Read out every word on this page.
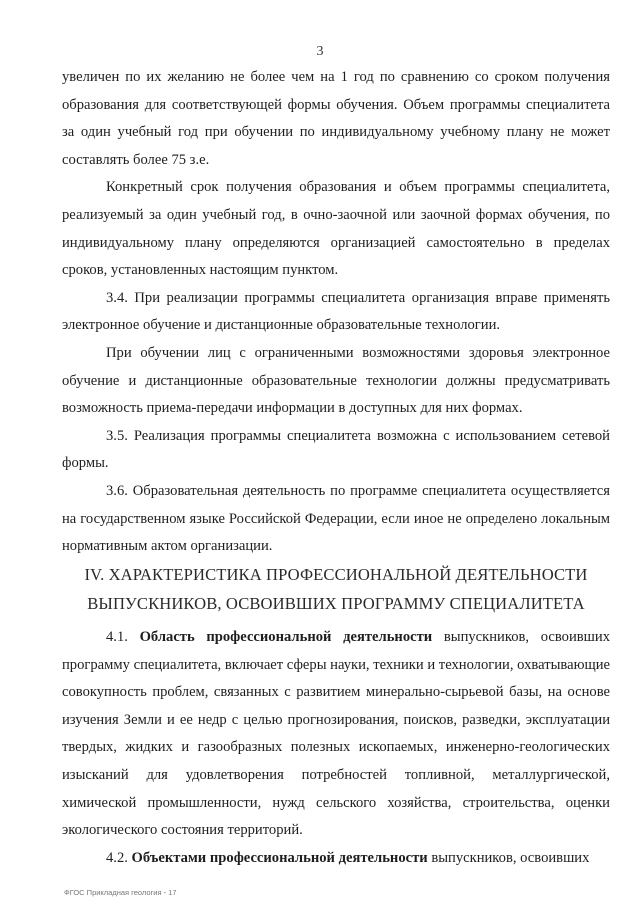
3

увеличен по их желанию не более чем на 1 год по сравнению со сроком получения образования для соответствующей формы обучения. Объем программы специалитета за один учебный год при обучении по индивидуальному учебному плану не может составлять более 75 з.е.

Конкретный срок получения образования и объем программы специалитета, реализуемый за один учебный год, в очно-заочной или заочной формах обучения, по индивидуальному плану определяются организацией самостоятельно в пределах сроков, установленных настоящим пунктом.

3.4. При реализации программы специалитета организация вправе применять электронное обучение и дистанционные образовательные технологии.

При обучении лиц с ограниченными возможностями здоровья электронное обучение и дистанционные образовательные технологии должны предусматривать возможность приема-передачи информации в доступных для них формах.

3.5. Реализация программы специалитета возможна с использованием сетевой формы.

3.6. Образовательная деятельность по программе специалитета осуществляется на государственном языке Российской Федерации, если иное не определено локальным нормативным актом организации.

IV. ХАРАКТЕРИСТИКА ПРОФЕССИОНАЛЬНОЙ ДЕЯТЕЛЬНОСТИ
ВЫПУСКНИКОВ, ОСВОИВШИХ ПРОГРАММУ СПЕЦИАЛИТЕТА

4.1. Область профессиональной деятельности выпускников, освоивших программу специалитета, включает сферы науки, техники и технологии, охватывающие совокупность проблем, связанных с развитием минерально-сырьевой базы, на основе изучения Земли и ее недр с целью прогнозирования, поисков, разведки, эксплуатации твердых, жидких и газообразных полезных ископаемых, инженерно-геологических изысканий для удовлетворения потребностей топливной, металлургической, химической промышленности, нужд сельского хозяйства, строительства, оценки экологического состояния территорий.

4.2. Объектами профессиональной деятельности выпускников, освоивших

ФГОС Прикладная геология - 17
